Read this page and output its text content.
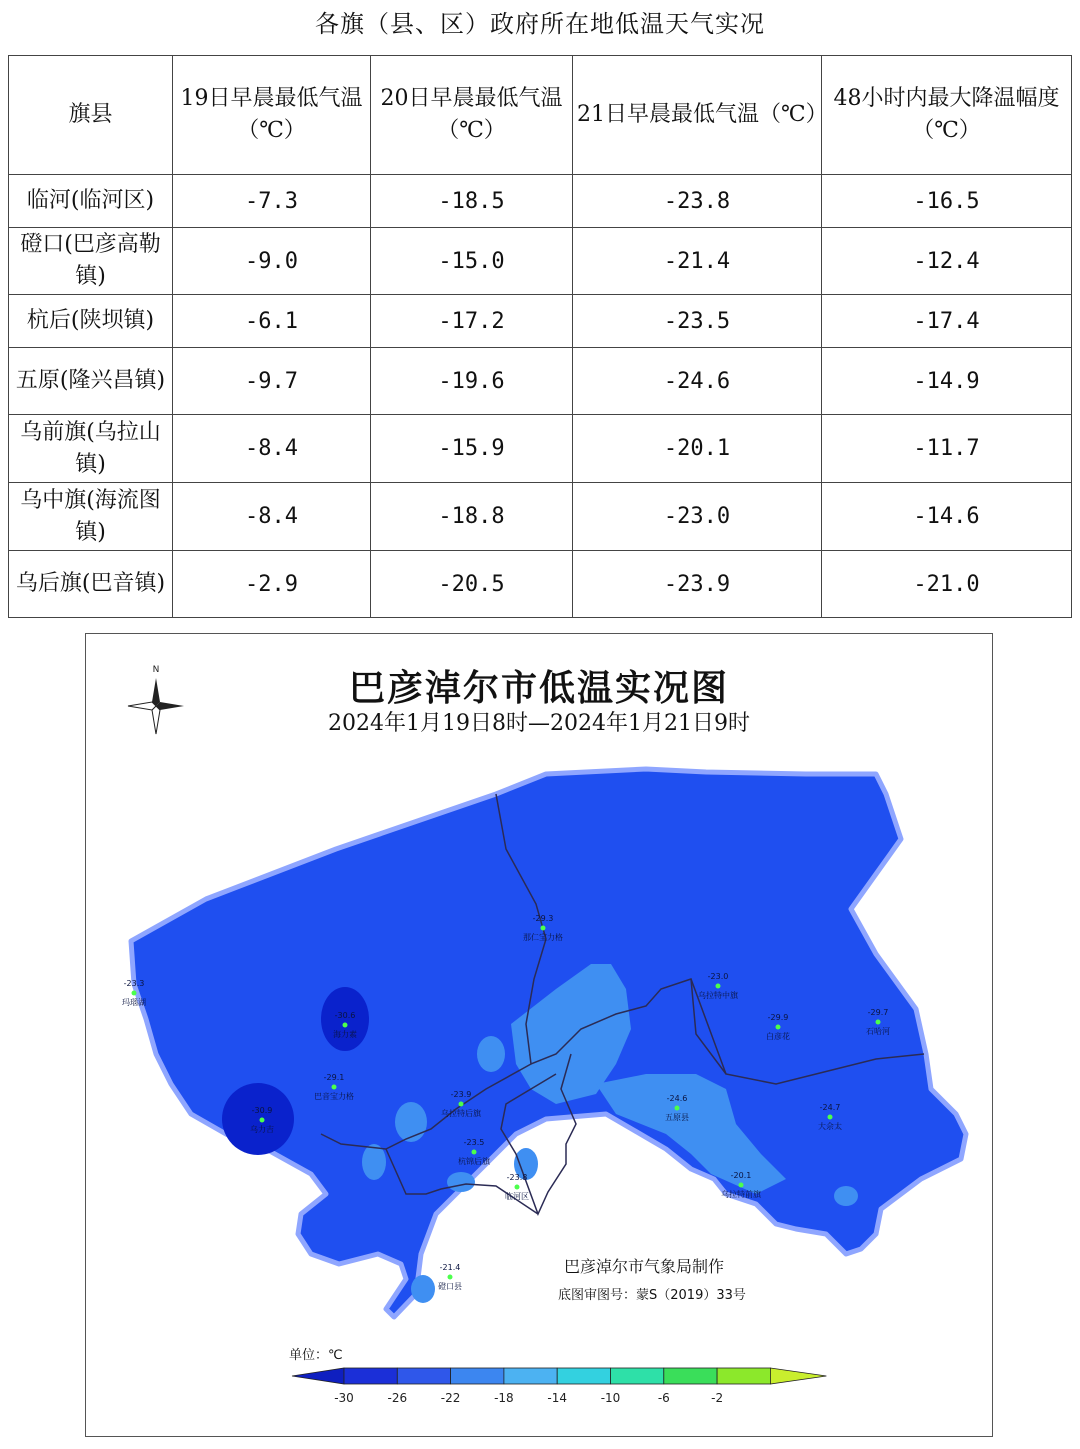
各旗（县、区）政府所在地低温天气实况
旗县	19日早晨最低气温（℃）	20日早晨最低气温（℃）	21日早晨最低气温（℃）	48小时内最大降温幅度（℃）
临河(临河区)	-7.3	-18.5	-23.8	-16.5
磴口(巴彦高勒镇)	-9.0	-15.0	-21.4	-12.4
杭后(陕坝镇)	-6.1	-17.2	-23.5	-17.4
五原(隆兴昌镇)	-9.7	-19.6	-24.6	-14.9
乌前旗(乌拉山镇)	-8.4	-15.9	-20.1	-11.7
乌中旗(海流图镇)	-8.4	-18.8	-23.0	-14.6
乌后旗(巴音镇)	-2.9	-20.5	-23.9	-21.0
巴彦淖尔市低温实况图
2024年1月19日8时—2024年1月21日9时
N
-29.3
那仁宝力格
-23.3
玛瑙湖
-30.6
海力素
-29.1
巴音宝力格
-30.9
乌力吉
-23.9
乌拉特后旗
-23.5
杭锦后旗
-23.8
临河区
-21.4
磴口县
-23.0
乌拉特中旗
-29.9
白彦花
-29.7
石哈河
-24.6
五原县
-24.7
大佘太
-20.1
乌拉特前旗
-30	-26	-22	-18	-14	-10	-6	-2
巴彦淖尔市气象局制作
底图审图号：蒙S（2019）33号
单位：℃
